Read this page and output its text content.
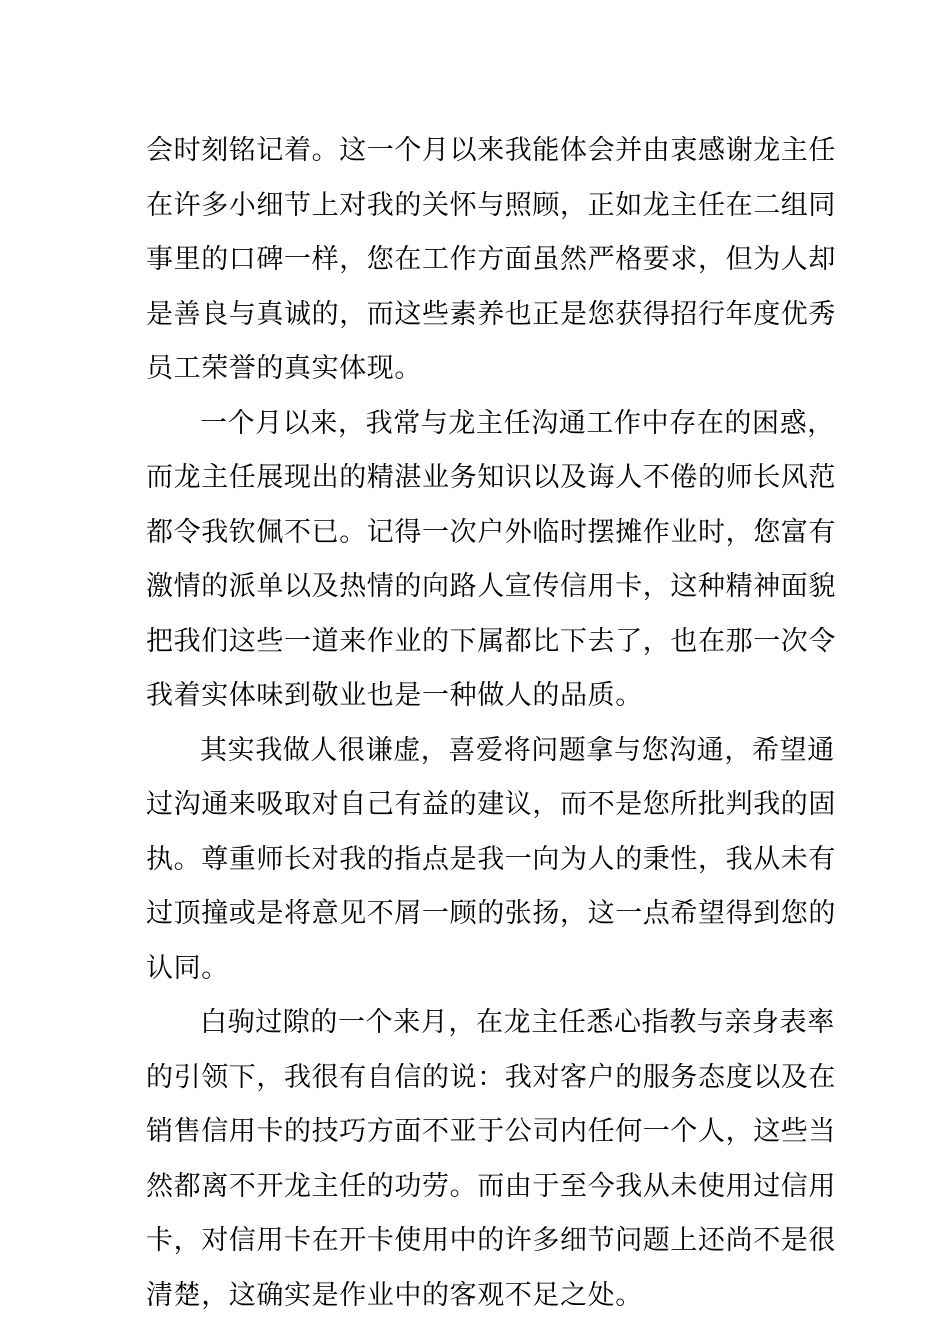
会时刻铭记着。这一个月以来我能体会并由衷感谢龙主任
在许多小细节上对我的关怀与照顾，正如龙主任在二组同
事里的口碑一样，您在工作方面虽然严格要求，但为人却
是善良与真诚的，而这些素养也正是您获得招行年度优秀
员工荣誉的真实体现。
一个月以来，我常与龙主任沟通工作中存在的困惑，
而龙主任展现出的精湛业务知识以及诲人不倦的师长风范
都令我钦佩不已。记得一次户外临时摆摊作业时，您富有
激情的派单以及热情的向路人宣传信用卡，这种精神面貌
把我们这些一道来作业的下属都比下去了，也在那一次令
我着实体味到敬业也是一种做人的品质。
其实我做人很谦虚，喜爱将问题拿与您沟通，希望通
过沟通来吸取对自己有益的建议，而不是您所批判我的固
执。尊重师长对我的指点是我一向为人的秉性，我从未有
过顶撞或是将意见不屑一顾的张扬，这一点希望得到您的
认同。
白驹过隙的一个来月，在龙主任悉心指教与亲身表率
的引领下，我很有自信的说：我对客户的服务态度以及在
销售信用卡的技巧方面不亚于公司内任何一个人，这些当
然都离不开龙主任的功劳。而由于至今我从未使用过信用
卡，对信用卡在开卡使用中的许多细节问题上还尚不是很
清楚，这确实是作业中的客观不足之处。
